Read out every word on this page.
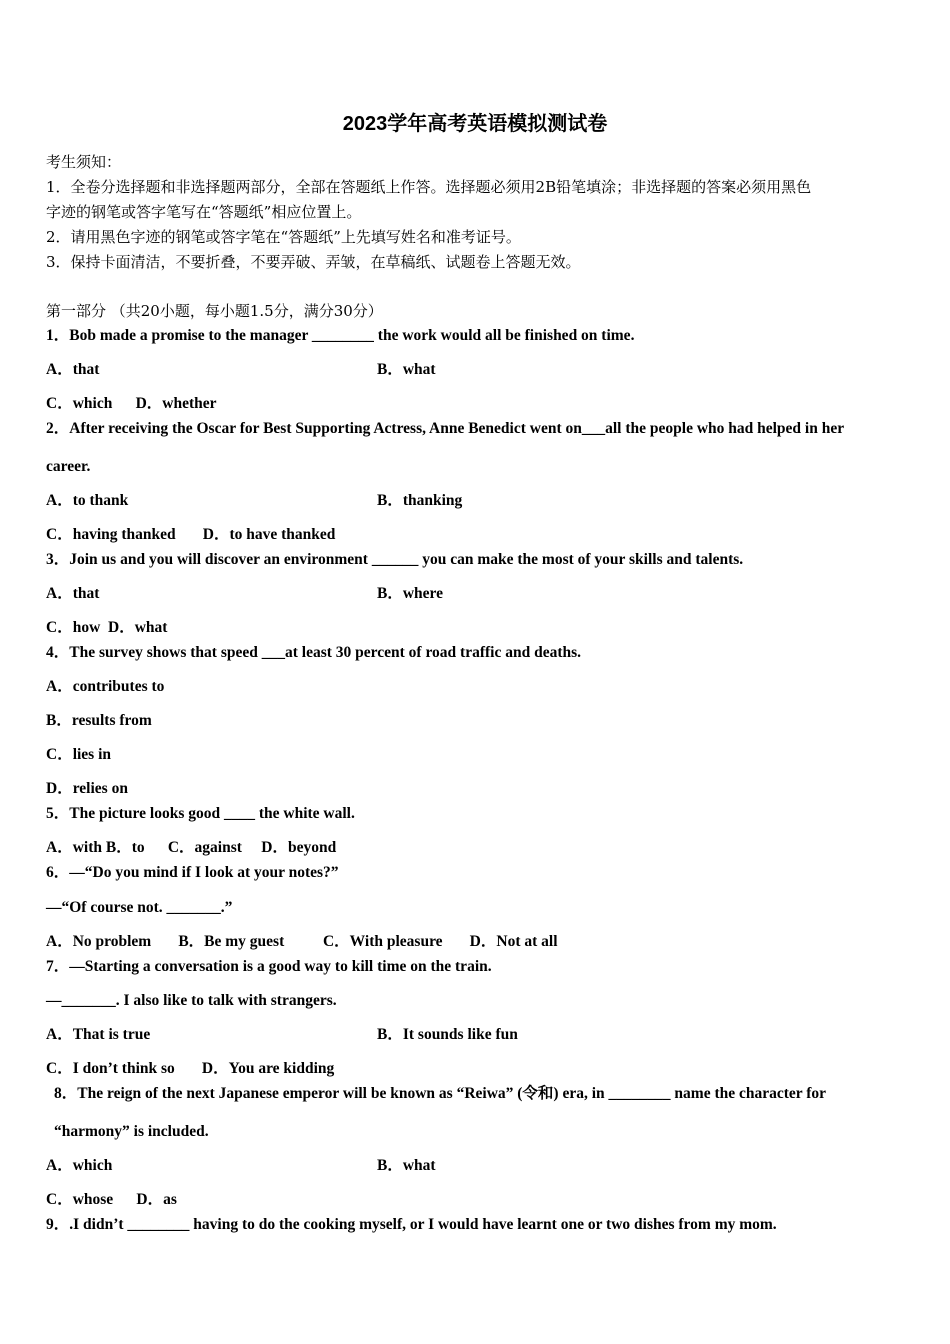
2023学年高考英语模拟测试卷
考生须知：
1．全卷分选择题和非选择题两部分，全部在答题纸上作答。选择题必须用2B铅笔填涂；非选择题的答案必须用黑色
字迹的钢笔或答字笔写在“答题纸”相应位置上。
2．请用黑色字迹的钢笔或答字笔在“答题纸”上先填写姓名和准考证号。
3．保持卡面清洁，不要折叠，不要弄破、弄皱，在草稿纸、试题卷上答题无效。
第一部分 （共20小题，每小题1.5分，满分30分）
1．Bob made a promise to the manager ________ the work would all be finished on time.
A．that	B．what
C．which      D．whether
2．After receiving the Oscar for Best Supporting Actress, Anne Benedict went on___all the people who had helped in her
career.
A．to thank	B．thanking
C．having thanked       D．to have thanked
3．Join us and you will discover an environment ______ you can make the most of your skills and talents.
A．that	B．where
C．how  D．what
4．The survey shows that speed ___at least 30 percent of road traffic and deaths.
A．contributes to
B．results from
C．lies in
D．relies on
5．The picture looks good ____ the white wall.
A．with B．to      C．against     D．beyond
6．—“Do you mind if I look at your notes?”
—“Of course not. _______.”
A．No problem       B．Be my guest          C．With pleasure       D．Not at all
7．—Starting a conversation is a good way to kill time on the train.
—_______. I also like to talk with strangers.
A．That is true	B．It sounds like fun
C．I don’t think so       D．You are kidding
8．The reign of the next Japanese emperor will be known as “Reiwa” (令和) era, in ________ name the character for
“harmony” is included.
A．which	B．what
C．whose      D．as
9．.I didn’t ________ having to do the cooking myself, or I would have learnt one or two dishes from my mom.
